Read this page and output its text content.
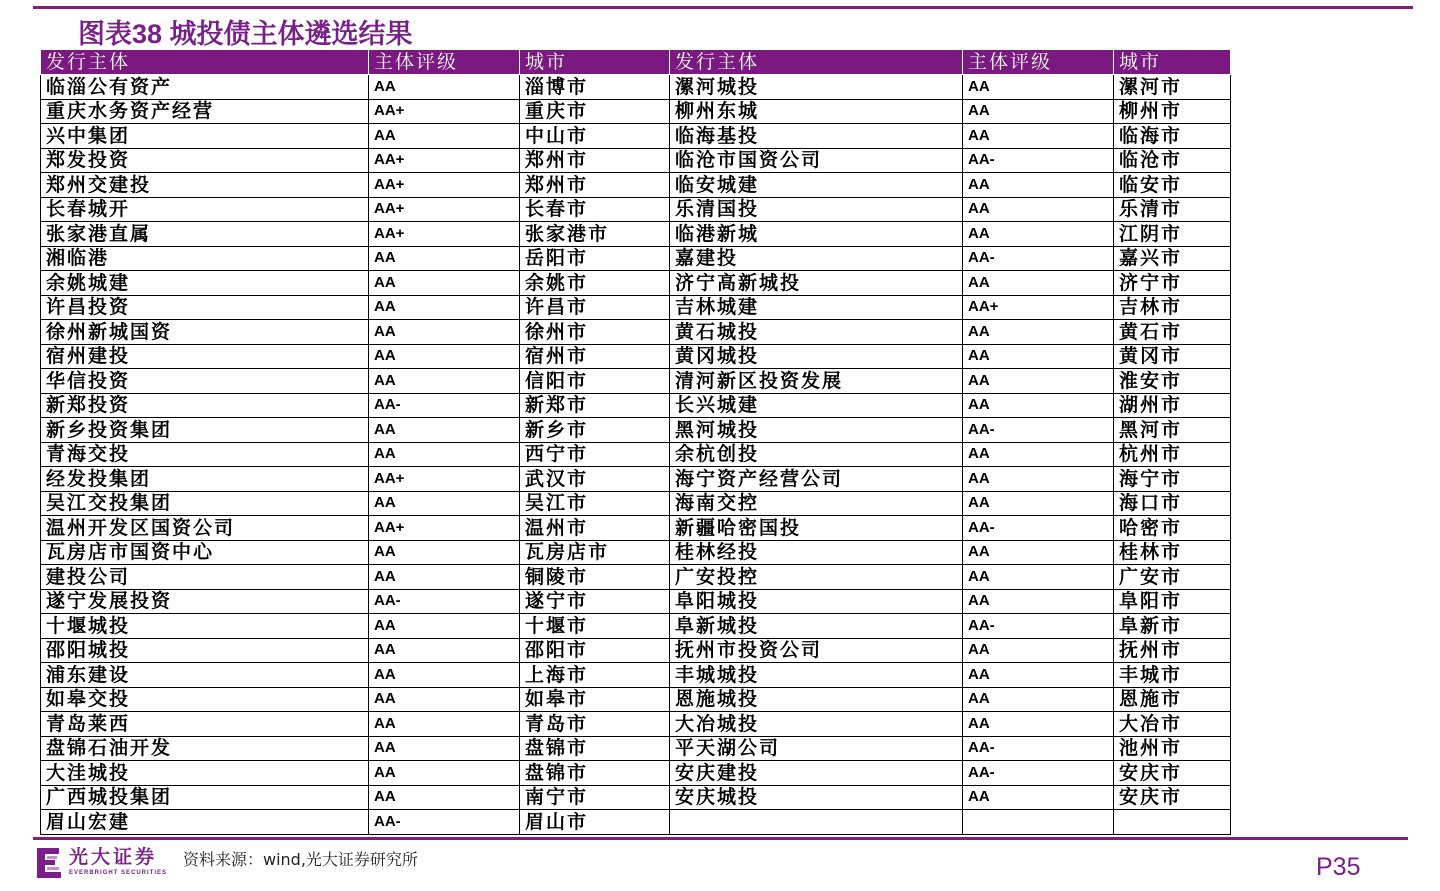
图表38 城投债主体遴选结果
发行主体	主体评级	城市	发行主体	主体评级	城市
临淄公有资产	AA	淄博市	漯河城投	AA	漯河市
重庆水务资产经营	AA+	重庆市	柳州东城	AA	柳州市
兴中集团	AA	中山市	临海基投	AA	临海市
郑发投资	AA+	郑州市	临沧市国资公司	AA-	临沧市
郑州交建投	AA+	郑州市	临安城建	AA	临安市
长春城开	AA+	长春市	乐清国投	AA	乐清市
张家港直属	AA+	张家港市	临港新城	AA	江阴市
湘临港	AA	岳阳市	嘉建投	AA-	嘉兴市
余姚城建	AA	余姚市	济宁高新城投	AA	济宁市
许昌投资	AA	许昌市	吉林城建	AA+	吉林市
徐州新城国资	AA	徐州市	黄石城投	AA	黄石市
宿州建投	AA	宿州市	黄冈城投	AA	黄冈市
华信投资	AA	信阳市	清河新区投资发展	AA	淮安市
新郑投资	AA-	新郑市	长兴城建	AA	湖州市
新乡投资集团	AA	新乡市	黑河城投	AA-	黑河市
青海交投	AA	西宁市	余杭创投	AA	杭州市
经发投集团	AA+	武汉市	海宁资产经营公司	AA	海宁市
吴江交投集团	AA	吴江市	海南交控	AA	海口市
温州开发区国资公司	AA+	温州市	新疆哈密国投	AA-	哈密市
瓦房店市国资中心	AA	瓦房店市	桂林经投	AA	桂林市
建投公司	AA	铜陵市	广安投控	AA	广安市
遂宁发展投资	AA-	遂宁市	阜阳城投	AA	阜阳市
十堰城投	AA	十堰市	阜新城投	AA-	阜新市
邵阳城投	AA	邵阳市	抚州市投资公司	AA	抚州市
浦东建设	AA	上海市	丰城城投	AA	丰城市
如皋交投	AA	如皋市	恩施城投	AA	恩施市
青岛莱西	AA	青岛市	大冶城投	AA	大冶市
盘锦石油开发	AA	盘锦市	平天湖公司	AA-	池州市
大洼城投	AA	盘锦市	安庆建投	AA-	安庆市
广西城投集团	AA	南宁市	安庆城投	AA	安庆市
眉山宏建	AA-	眉山市			
光大证券
EVERBRIGHT SECURITIES
资料来源：wind,光大证券研究所	P35
